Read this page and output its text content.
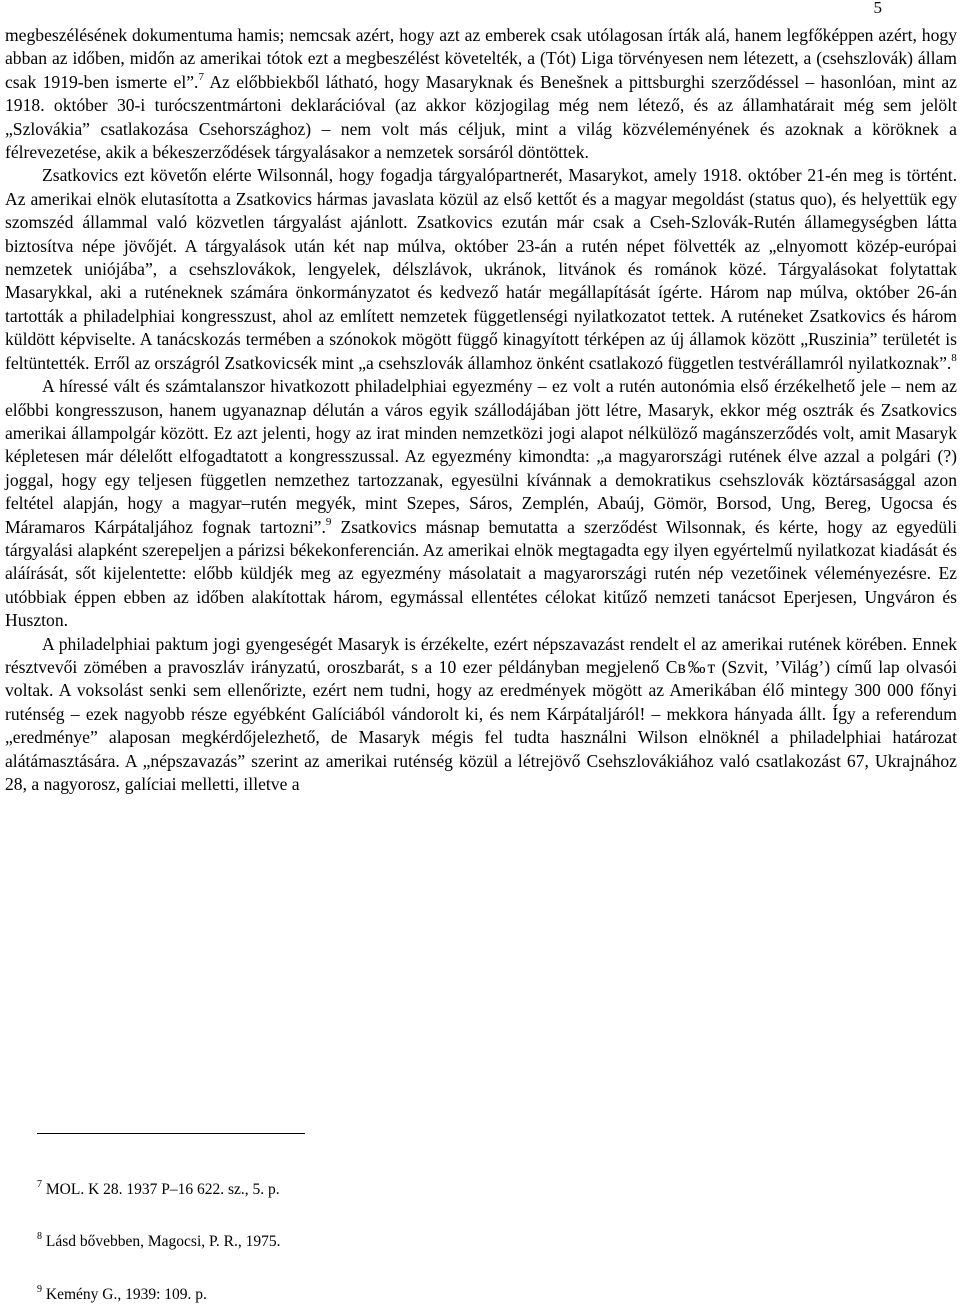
5

megbeszélésének dokumentuma hamis; nemcsak azért, hogy azt az emberek csak utólagosan írták alá, hanem legfőképpen azért, hogy abban az időben, midőn az amerikai tótok ezt a megbeszélést követelték, a (Tót) Liga törvényesen nem létezett, a (csehszlovák) állam csak 1919-ben ismerte el”.$^7$ Az előbbiekből látható, hogy Masaryknak és Benešnek a pittsburghi szerződéssel – hasonlóan, mint az 1918. október 30-i turócszentmártoni deklarációval (az akkor közjogilag még nem létező, és az államhatárait még sem jelölt „Szlovákia” csatlakozása Csehországhoz) – nem volt más céljuk, mint a világ közvéleményének és azoknak a köröknek a félrevezetése, akik a békeszerződések tárgyalásakor a nemzetek sorsáról döntöttek.

Zsatkovics ezt követőn elérte Wilsonnál, hogy fogadja tárgyalópartnerét, Masarykot, amely 1918. október 21-én meg is történt. Az amerikai elnök elutasította a Zsatkovics hármas javaslata közül az első kettőt és a magyar megoldást (status quo), és helyettük egy szomszéd állammal való közvetlen tárgyalást ajánlott. Zsatkovics ezután már csak a Cseh-Szlovák-Rutén államegységben látta biztosítva népe jövőjét. A tárgyalások után két nap múlva, október 23-án a rutén népet fölvették az „elnyomott közép-európai nemzetek uniójába”, a csehszlovákok, lengyelek, délszlávok, ukránok, litvánok és románok közé. Tárgyalásokat folytattak Masarykkal, aki a ruténeknek számára önkormányzatot és kedvező határ megállapítását ígérte. Három nap múlva, október 26-án tartották a philadelphiai kongresszust, ahol az említett nemzetek függetlenségi nyilatkozatot tettek. A ruténeket Zsatkovics és három küldött képviselte. A tanácskozás termében a szónokok mögött függő kinagyított térképen az új államok között „Ruszinia” területét is feltüntették. Erről az országról Zsatkovicsék mint „a csehszlovák államhoz önként csatlakozó független testvérállamról nyilatkoznak”.$^8$

A híressé vált és számtalanszor hivatkozott philadelphiai egyezmény – ez volt a rutén autonómia első érzékelhető jele – nem az előbbi kongresszuson, hanem ugyanaznap délután a város egyik szállodájában jött létre, Masaryk, ekkor még osztrák és Zsatkovics amerikai állampolgár között. Ez azt jelenti, hogy az irat minden nemzetközi jogi alapot nélkülöző magánszerződés volt, amit Masaryk képletesen már délelőtt elfogadtatott a kongresszussal. Az egyezmény kimondta: „a magyarországi rutének élve azzal a polgári (?) joggal, hogy egy teljesen független nemzethez tartozzanak, egyesülni kívánnak a demokratikus csehszlovák köztársasággal azon feltétel alapján, hogy a magyar–rutén megyék, mint Szepes, Sáros, Zemplén, Abaúj, Gömör, Borsod, Ung, Bereg, Ugocsa és Máramaros Kárpátaljához fognak tartozni”.$^9$ Zsatkovics másnap bemutatta a szerződést Wilsonnak, és kérte, hogy az egyedüli tárgyalási alapként szerepeljen a párizsi békekonferencián. Az amerikai elnök megtagadta egy ilyen egyértelmű nyilatkozat kiadását és aláírását, sőt kijelentette: előbb küldjék meg az egyezmény másolatait a magyarországi rutén nép vezetőinek véleményezésre. Ez utóbbiak éppen ebben az időben alakítottak három, egymással ellentétes célokat kitűző nemzeti tanácsot Eperjesen, Ungváron és Huszton.

A philadelphiai paktum jogi gyengeségét Masaryk is érzékelte, ezért népszavazást rendelt el az amerikai rutének körében. Ennek résztvevői zömében a pravoszláv irányzatú, oroszbarát, s a 10 ezer példányban megjelenő Св‰т (Szvit, ’Világ’) című lap olvasói voltak. A voksolást senki sem ellenőrizte, ezért nem tudni, hogy az eredmények mögött az Amerikában élő mintegy 300 000 főnyi ruténség – ezek nagyobb része egyébként Galíciából vándorolt ki, és nem Kárpátaljáról! – mekkora hányada állt. Így a referendum „eredménye” alaposan megkérdőjelezhető, de Masaryk mégis fel tudta használni Wilson elnöknél a philadelphiai határozat alátámasztására. A „népszavazás” szerint az amerikai ruténség közül a létrejövő Csehszlovákiához való csatlakozást 67, Ukrajnához 28, a nagyorosz, galíciai melletti, illetve a

$^7$ MOL. K 28. 1937 P–16 622. sz., 5. p.
$^8$ Lásd bővebben, Magocsi, P. R., 1975.
$^9$ Kemény G., 1939: 109. p.
